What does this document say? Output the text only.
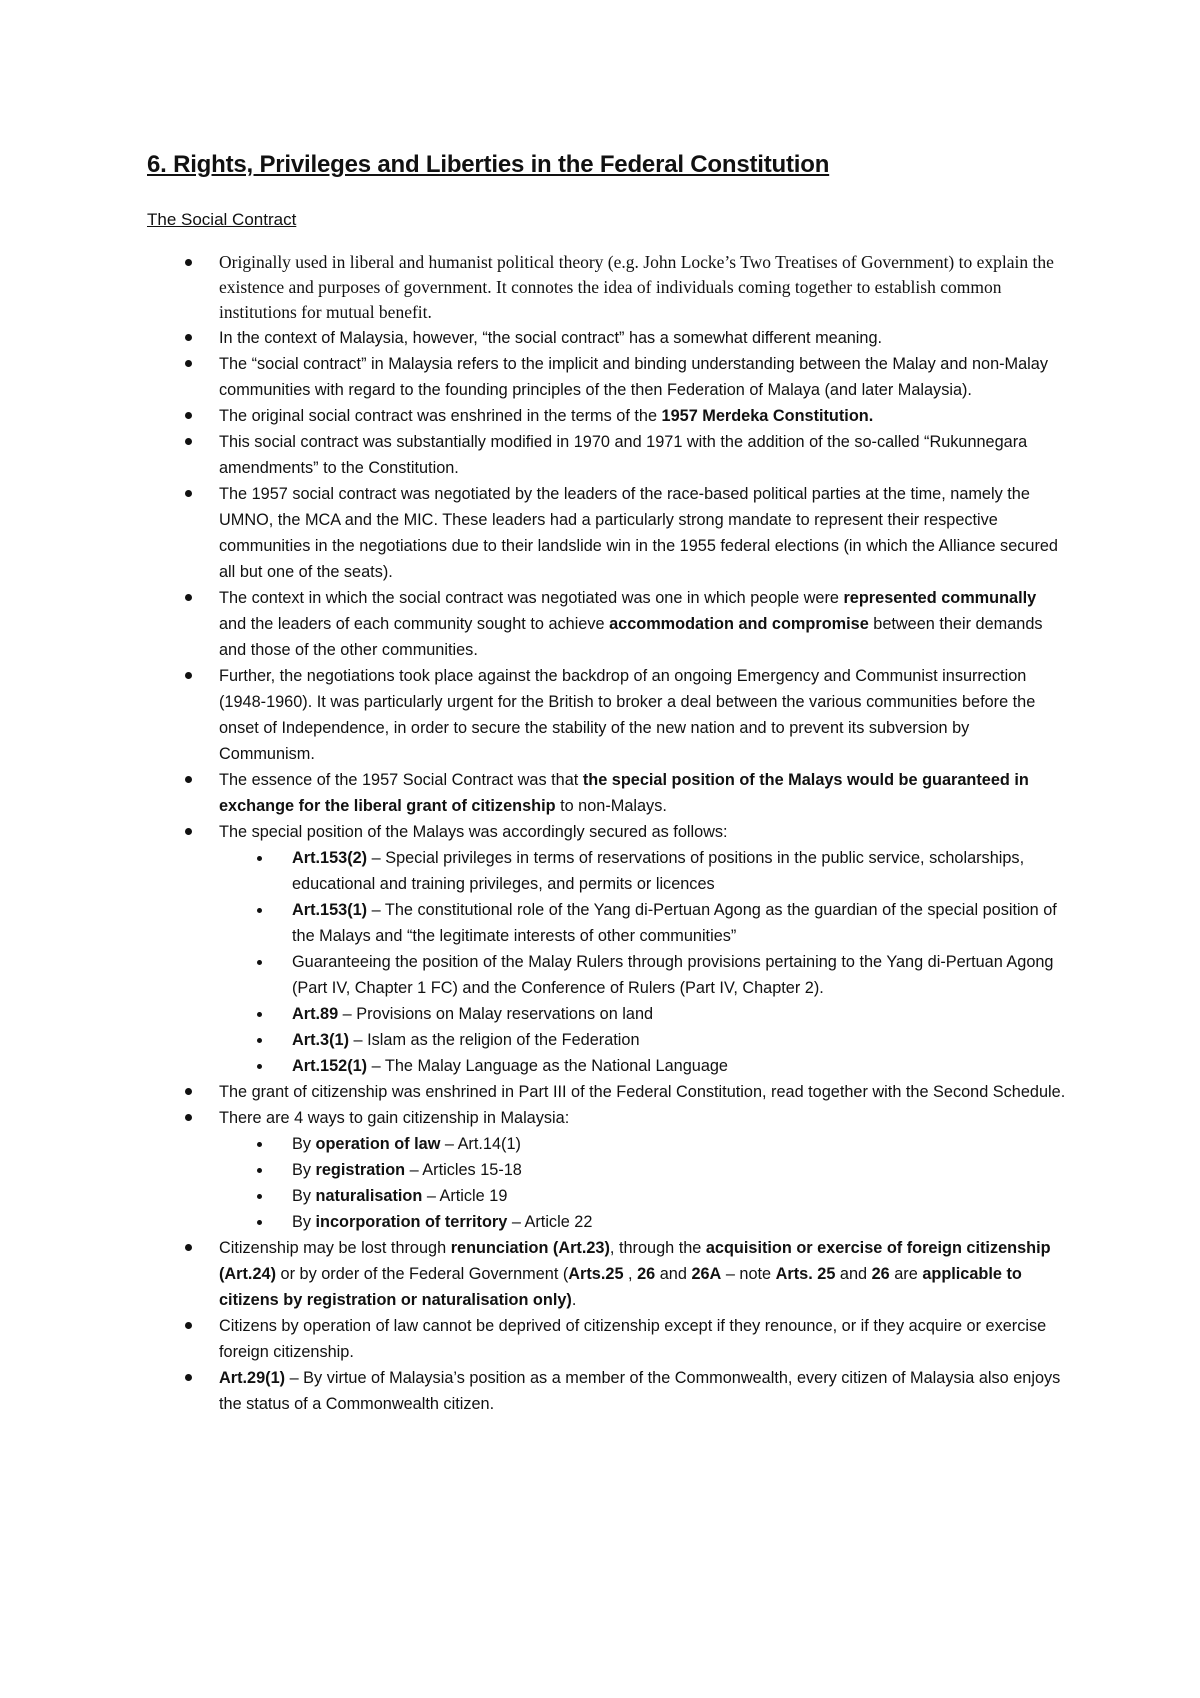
6. Rights, Privileges and Liberties in the Federal Constitution
The Social Contract
Originally used in liberal and humanist political theory (e.g. John Locke’s Two Treatises of Government) to explain the existence and purposes of government. It connotes the idea of individuals coming together to establish common institutions for mutual benefit.
In the context of Malaysia, however, “the social contract” has a somewhat different meaning.
The “social contract” in Malaysia refers to the implicit and binding understanding between the Malay and non-Malay communities with regard to the founding principles of the then Federation of Malaya (and later Malaysia).
The original social contract was enshrined in the terms of the 1957 Merdeka Constitution.
This social contract was substantially modified in 1970 and 1971 with the addition of the so-called “Rukunnegara amendments” to the Constitution.
The 1957 social contract was negotiated by the leaders of the race-based political parties at the time, namely the UMNO, the MCA and the MIC. These leaders had a particularly strong mandate to represent their respective communities in the negotiations due to their landslide win in the 1955 federal elections (in which the Alliance secured all but one of the seats).
The context in which the social contract was negotiated was one in which people were represented communally and the leaders of each community sought to achieve accommodation and compromise between their demands and those of the other communities.
Further, the negotiations took place against the backdrop of an ongoing Emergency and Communist insurrection (1948-1960). It was particularly urgent for the British to broker a deal between the various communities before the onset of Independence, in order to secure the stability of the new nation and to prevent its subversion by Communism.
The essence of the 1957 Social Contract was that the special position of the Malays would be guaranteed in exchange for the liberal grant of citizenship to non-Malays.
The special position of the Malays was accordingly secured as follows:
Art.153(2) – Special privileges in terms of reservations of positions in the public service, scholarships, educational and training privileges, and permits or licences
Art.153(1) – The constitutional role of the Yang di-Pertuan Agong as the guardian of the special position of the Malays and “the legitimate interests of other communities”
Guaranteeing the position of the Malay Rulers through provisions pertaining to the Yang di-Pertuan Agong (Part IV, Chapter 1 FC) and the Conference of Rulers (Part IV, Chapter 2).
Art.89 – Provisions on Malay reservations on land
Art.3(1) – Islam as the religion of the Federation
Art.152(1) – The Malay Language as the National Language
The grant of citizenship was enshrined in Part III of the Federal Constitution, read together with the Second Schedule.
There are 4 ways to gain citizenship in Malaysia:
By operation of law – Art.14(1)
By registration – Articles 15-18
By naturalisation – Article 19
By incorporation of territory – Article 22
Citizenship may be lost through renunciation (Art.23), through the acquisition or exercise of foreign citizenship (Art.24) or by order of the Federal Government (Arts.25 , 26 and 26A – note Arts. 25 and 26 are applicable to citizens by registration or naturalisation only).
Citizens by operation of law cannot be deprived of citizenship except if they renounce, or if they acquire or exercise foreign citizenship.
Art.29(1) – By virtue of Malaysia’s position as a member of the Commonwealth, every citizen of Malaysia also enjoys the status of a Commonwealth citizen.
